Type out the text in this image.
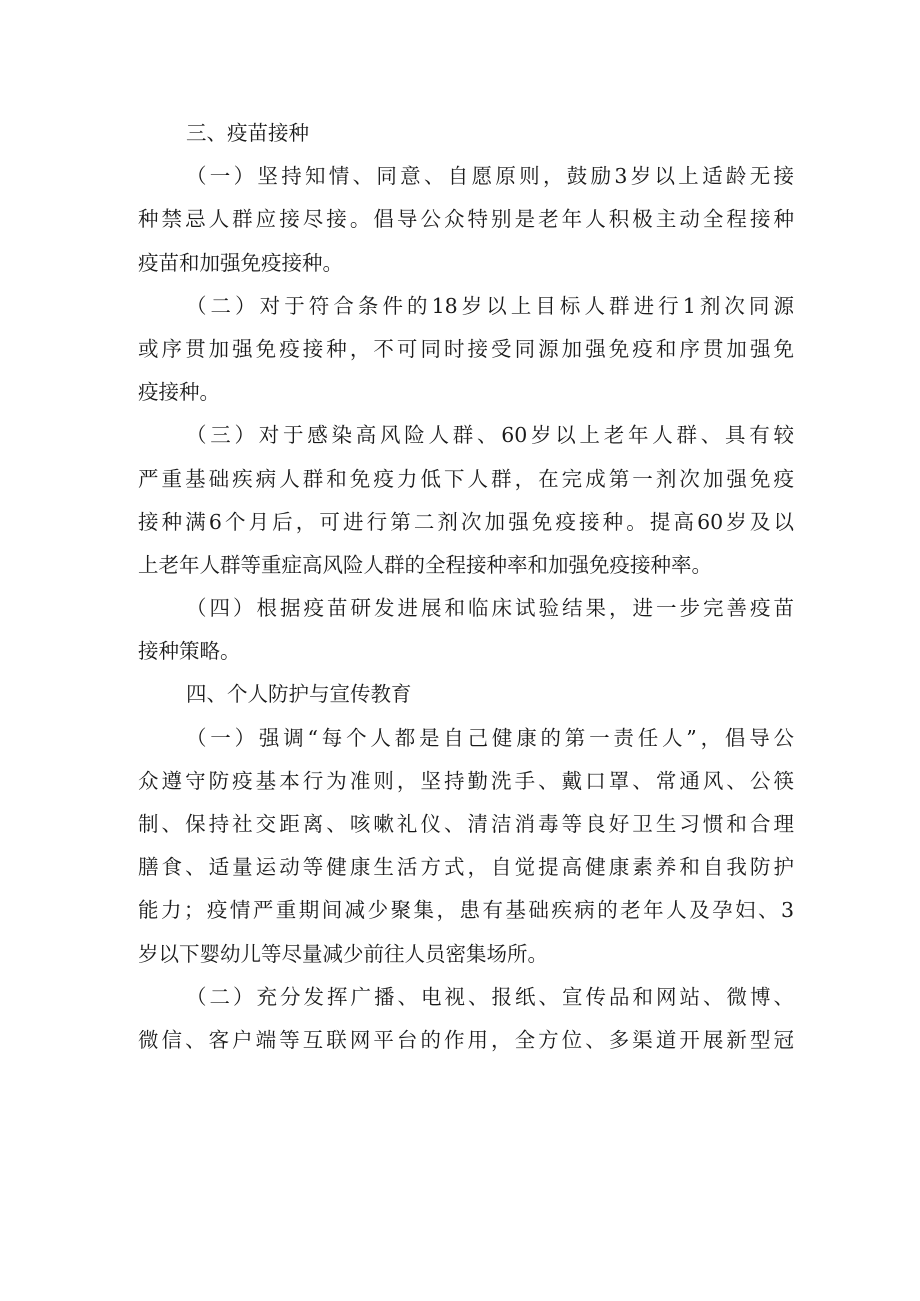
三、疫苗接种
（一）坚持知情、同意、自愿原则，鼓励3岁以上适龄无接
种禁忌人群应接尽接。倡导公众特别是老年人积极主动全程接种
疫苗和加强免疫接种。
（二）对于符合条件的18岁以上目标人群进行1剂次同源
或序贯加强免疫接种，不可同时接受同源加强免疫和序贯加强免
疫接种。
（三）对于感染高风险人群、60岁以上老年人群、具有较
严重基础疾病人群和免疫力低下人群，在完成第一剂次加强免疫
接种满6个月后，可进行第二剂次加强免疫接种。提高60岁及以
上老年人群等重症高风险人群的全程接种率和加强免疫接种率。
（四）根据疫苗研发进展和临床试验结果，进一步完善疫苗
接种策略。
四、个人防护与宣传教育
（一）强调“每个人都是自己健康的第一责任人”，倡导公
众遵守防疫基本行为准则，坚持勤洗手、戴口罩、常通风、公筷
制、保持社交距离、咳嗽礼仪、清洁消毒等良好卫生习惯和合理
膳食、适量运动等健康生活方式，自觉提高健康素养和自我防护
能力；疫情严重期间减少聚集，患有基础疾病的老年人及孕妇、3
岁以下婴幼儿等尽量减少前往人员密集场所。
（二）充分发挥广播、电视、报纸、宣传品和网站、微博、
微信、客户端等互联网平台的作用，全方位、多渠道开展新型冠
